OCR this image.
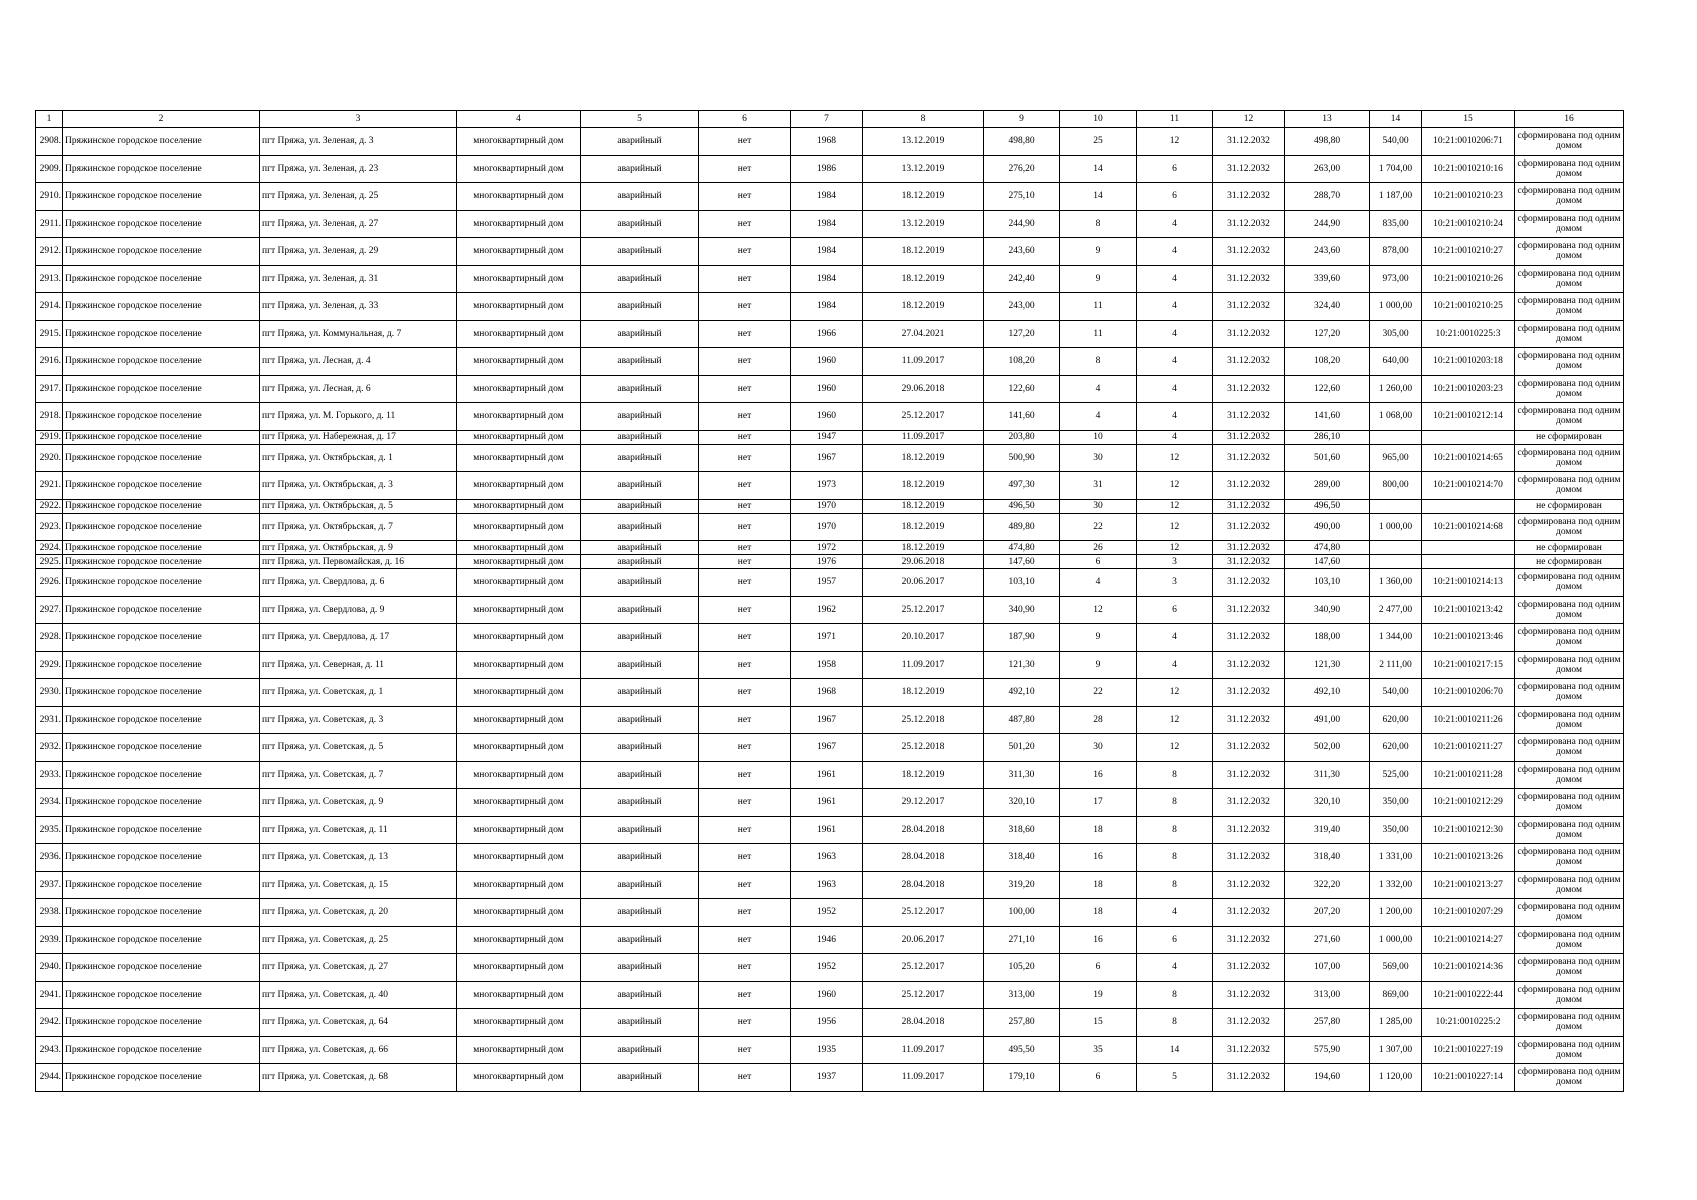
1	2	3	4	5	6	7	8	9	10	11	12	13	14	15	16
2908.	Пряжинское городское поселение	пгт Пряжа, ул. Зеленая, д. 3	многоквартирный дом	аварийный	нет	1968	13.12.2019	498,80	25	12	31.12.2032	498,80	540,00	10:21:0010206:71	сформирована под одним домом
2909.	Пряжинское городское поселение	пгт Пряжа, ул. Зеленая, д. 23	многоквартирный дом	аварийный	нет	1986	13.12.2019	276,20	14	6	31.12.2032	263,00	1 704,00	10:21:0010210:16	сформирована под одним домом
2910.	Пряжинское городское поселение	пгт Пряжа, ул. Зеленая, д. 25	многоквартирный дом	аварийный	нет	1984	18.12.2019	275,10	14	6	31.12.2032	288,70	1 187,00	10:21:0010210:23	сформирована под одним домом
2911.	Пряжинское городское поселение	пгт Пряжа, ул. Зеленая, д. 27	многоквартирный дом	аварийный	нет	1984	13.12.2019	244,90	8	4	31.12.2032	244,90	835,00	10:21:0010210:24	сформирована под одним домом
2912.	Пряжинское городское поселение	пгт Пряжа, ул. Зеленая, д. 29	многоквартирный дом	аварийный	нет	1984	18.12.2019	243,60	9	4	31.12.2032	243,60	878,00	10:21:0010210:27	сформирована под одним домом
2913.	Пряжинское городское поселение	пгт Пряжа, ул. Зеленая, д. 31	многоквартирный дом	аварийный	нет	1984	18.12.2019	242,40	9	4	31.12.2032	339,60	973,00	10:21:0010210:26	сформирована под одним домом
2914.	Пряжинское городское поселение	пгт Пряжа, ул. Зеленая, д. 33	многоквартирный дом	аварийный	нет	1984	18.12.2019	243,00	11	4	31.12.2032	324,40	1 000,00	10:21:0010210:25	сформирована под одним домом
2915.	Пряжинское городское поселение	пгт Пряжа, ул. Коммунальная, д. 7	многоквартирный дом	аварийный	нет	1966	27.04.2021	127,20	11	4	31.12.2032	127,20	305,00	10:21:0010225:3	сформирована под одним домом
2916.	Пряжинское городское поселение	пгт Пряжа, ул. Лесная, д. 4	многоквартирный дом	аварийный	нет	1960	11.09.2017	108,20	8	4	31.12.2032	108,20	640,00	10:21:0010203:18	сформирована под одним домом
2917.	Пряжинское городское поселение	пгт Пряжа, ул. Лесная, д. 6	многоквартирный дом	аварийный	нет	1960	29.06.2018	122,60	4	4	31.12.2032	122,60	1 260,00	10:21:0010203:23	сформирована под одним домом
2918.	Пряжинское городское поселение	пгт Пряжа, ул. М. Горького, д. 11	многоквартирный дом	аварийный	нет	1960	25.12.2017	141,60	4	4	31.12.2032	141,60	1 068,00	10:21:0010212:14	сформирована под одним домом
2919.	Пряжинское городское поселение	пгт Пряжа, ул. Набережная, д. 17	многоквартирный дом	аварийный	нет	1947	11.09.2017	203,80	10	4	31.12.2032	286,10			не сформирован
2920.	Пряжинское городское поселение	пгт Пряжа, ул. Октябрьская, д. 1	многоквартирный дом	аварийный	нет	1967	18.12.2019	500,90	30	12	31.12.2032	501,60	965,00	10:21:0010214:65	сформирована под одним домом
2921.	Пряжинское городское поселение	пгт Пряжа, ул. Октябрьская, д. 3	многоквартирный дом	аварийный	нет	1973	18.12.2019	497,30	31	12	31.12.2032	289,00	800,00	10:21:0010214:70	сформирована под одним домом
2922.	Пряжинское городское поселение	пгт Пряжа, ул. Октябрьская, д. 5	многоквартирный дом	аварийный	нет	1970	18.12.2019	496,50	30	12	31.12.2032	496,50			не сформирован
2923.	Пряжинское городское поселение	пгт Пряжа, ул. Октябрьская, д. 7	многоквартирный дом	аварийный	нет	1970	18.12.2019	489,80	22	12	31.12.2032	490,00	1 000,00	10:21:0010214:68	сформирована под одним домом
2924.	Пряжинское городское поселение	пгт Пряжа, ул. Октябрьская, д. 9	многоквартирный дом	аварийный	нет	1972	18.12.2019	474,80	26	12	31.12.2032	474,80			не сформирован
2925.	Пряжинское городское поселение	пгт Пряжа, ул. Первомайская, д. 16	многоквартирный дом	аварийный	нет	1976	29.06.2018	147,60	6	3	31.12.2032	147,60			не сформирован
2926.	Пряжинское городское поселение	пгт Пряжа, ул. Свердлова, д. 6	многоквартирный дом	аварийный	нет	1957	20.06.2017	103,10	4	3	31.12.2032	103,10	1 360,00	10:21:0010214:13	сформирована под одним домом
2927.	Пряжинское городское поселение	пгт Пряжа, ул. Свердлова, д. 9	многоквартирный дом	аварийный	нет	1962	25.12.2017	340,90	12	6	31.12.2032	340,90	2 477,00	10:21:0010213:42	сформирована под одним домом
2928.	Пряжинское городское поселение	пгт Пряжа, ул. Свердлова, д. 17	многоквартирный дом	аварийный	нет	1971	20.10.2017	187,90	9	4	31.12.2032	188,00	1 344,00	10:21:0010213:46	сформирована под одним домом
2929.	Пряжинское городское поселение	пгт Пряжа, ул. Северная, д. 11	многоквартирный дом	аварийный	нет	1958	11.09.2017	121,30	9	4	31.12.2032	121,30	2 111,00	10:21:0010217:15	сформирована под одним домом
2930.	Пряжинское городское поселение	пгт Пряжа, ул. Советская, д. 1	многоквартирный дом	аварийный	нет	1968	18.12.2019	492,10	22	12	31.12.2032	492,10	540,00	10:21:0010206:70	сформирована под одним домом
2931.	Пряжинское городское поселение	пгт Пряжа, ул. Советская, д. 3	многоквартирный дом	аварийный	нет	1967	25.12.2018	487,80	28	12	31.12.2032	491,00	620,00	10:21:0010211:26	сформирована под одним домом
2932.	Пряжинское городское поселение	пгт Пряжа, ул. Советская, д. 5	многоквартирный дом	аварийный	нет	1967	25.12.2018	501,20	30	12	31.12.2032	502,00	620,00	10:21:0010211:27	сформирована под одним домом
2933.	Пряжинское городское поселение	пгт Пряжа, ул. Советская, д. 7	многоквартирный дом	аварийный	нет	1961	18.12.2019	311,30	16	8	31.12.2032	311,30	525,00	10:21:0010211:28	сформирована под одним домом
2934.	Пряжинское городское поселение	пгт Пряжа, ул. Советская, д. 9	многоквартирный дом	аварийный	нет	1961	29.12.2017	320,10	17	8	31.12.2032	320,10	350,00	10:21:0010212:29	сформирована под одним домом
2935.	Пряжинское городское поселение	пгт Пряжа, ул. Советская, д. 11	многоквартирный дом	аварийный	нет	1961	28.04.2018	318,60	18	8	31.12.2032	319,40	350,00	10:21:0010212:30	сформирована под одним домом
2936.	Пряжинское городское поселение	пгт Пряжа, ул. Советская, д. 13	многоквартирный дом	аварийный	нет	1963	28.04.2018	318,40	16	8	31.12.2032	318,40	1 331,00	10:21:0010213:26	сформирована под одним домом
2937.	Пряжинское городское поселение	пгт Пряжа, ул. Советская, д. 15	многоквартирный дом	аварийный	нет	1963	28.04.2018	319,20	18	8	31.12.2032	322,20	1 332,00	10:21:0010213:27	сформирована под одним домом
2938.	Пряжинское городское поселение	пгт Пряжа, ул. Советская, д. 20	многоквартирный дом	аварийный	нет	1952	25.12.2017	100,00	18	4	31.12.2032	207,20	1 200,00	10:21:0010207:29	сформирована под одним домом
2939.	Пряжинское городское поселение	пгт Пряжа, ул. Советская, д. 25	многоквартирный дом	аварийный	нет	1946	20.06.2017	271,10	16	6	31.12.2032	271,60	1 000,00	10:21:0010214:27	сформирована под одним домом
2940.	Пряжинское городское поселение	пгт Пряжа, ул. Советская, д. 27	многоквартирный дом	аварийный	нет	1952	25.12.2017	105,20	6	4	31.12.2032	107,00	569,00	10:21:0010214:36	сформирована под одним домом
2941.	Пряжинское городское поселение	пгт Пряжа, ул. Советская, д. 40	многоквартирный дом	аварийный	нет	1960	25.12.2017	313,00	19	8	31.12.2032	313,00	869,00	10:21:0010222:44	сформирована под одним домом
2942.	Пряжинское городское поселение	пгт Пряжа, ул. Советская, д. 64	многоквартирный дом	аварийный	нет	1956	28.04.2018	257,80	15	8	31.12.2032	257,80	1 285,00	10:21:0010225:2	сформирована под одним домом
2943.	Пряжинское городское поселение	пгт Пряжа, ул. Советская, д. 66	многоквартирный дом	аварийный	нет	1935	11.09.2017	495,50	35	14	31.12.2032	575,90	1 307,00	10:21:0010227:19	сформирована под одним домом
2944.	Пряжинское городское поселение	пгт Пряжа, ул. Советская, д. 68	многоквартирный дом	аварийный	нет	1937	11.09.2017	179,10	6	5	31.12.2032	194,60	1 120,00	10:21:0010227:14	сформирована под одним домом
